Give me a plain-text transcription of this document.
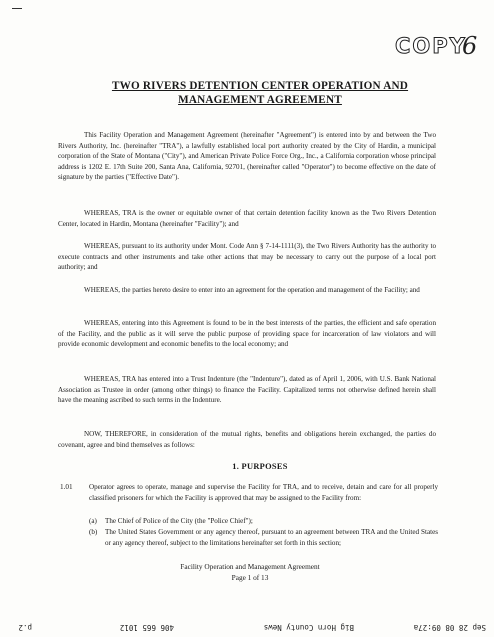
COPY
6
TWO RIVERS DETENTION CENTER OPERATION AND
MANAGEMENT AGREEMENT
This Facility Operation and Management Agreement (hereinafter "Agreement") is entered into by and between the Two Rivers Authority, Inc. (hereinafter "TRA"), a lawfully established local port authority created by the City of Hardin, a municipal corporation of the State of Montana ("City"), and American Private Police Force Org., Inc., a California corporation whose principal address is 1202 E. 17th Suite 200, Santa Ana, California, 92701, (hereinafter called "Operator") to become effective on the date of signature by the parties ("Effective Date").
WHEREAS, TRA is the owner or equitable owner of that certain detention facility known as the Two Rivers Detention Center, located in Hardin, Montana (hereinafter "Facility"); and
WHEREAS, pursuant to its authority under Mont. Code Ann § 7-14-1111(3), the Two Rivers Authority has the authority to execute contracts and other instruments and take other actions that may be necessary to carry out the purpose of a local port authority; and
WHEREAS, the parties hereto desire to enter into an agreement for the operation and management of the Facility; and
WHEREAS, entering into this Agreement is found to be in the best interests of the parties, the efficient and safe operation of the Facility, and the public as it will serve the public purpose of providing space for incarceration of law violators and will provide economic development and economic benefits to the local economy; and
WHEREAS, TRA has entered into a Trust Indenture (the "Indenture"), dated as of April 1, 2006, with U.S. Bank National Association as Trustee in order (among other things) to finance the Facility. Capitalized terms not otherwise defined herein shall have the meaning ascribed to such terms in the Indenture.
NOW, THEREFORE, in consideration of the mutual rights, benefits and obligations herein exchanged, the parties do covenant, agree and bind themselves as follows:
1. PURPOSES
1.01 Operator agrees to operate, manage and supervise the Facility for TRA, and to receive, detain and care for all properly classified prisoners for which the Facility is approved that may be assigned to the Facility from:
(a) The Chief of Police of the City (the "Police Chief");
(b) The United States Government or any agency thereof, pursuant to an agreement between TRA and the United States or any agency thereof, subject to the limitations hereinafter set forth in this section;
Facility Operation and Management Agreement
Page 1 of 13
Sep 28 08 09:27a
Big Horn County News
406 665 1012
p.2
